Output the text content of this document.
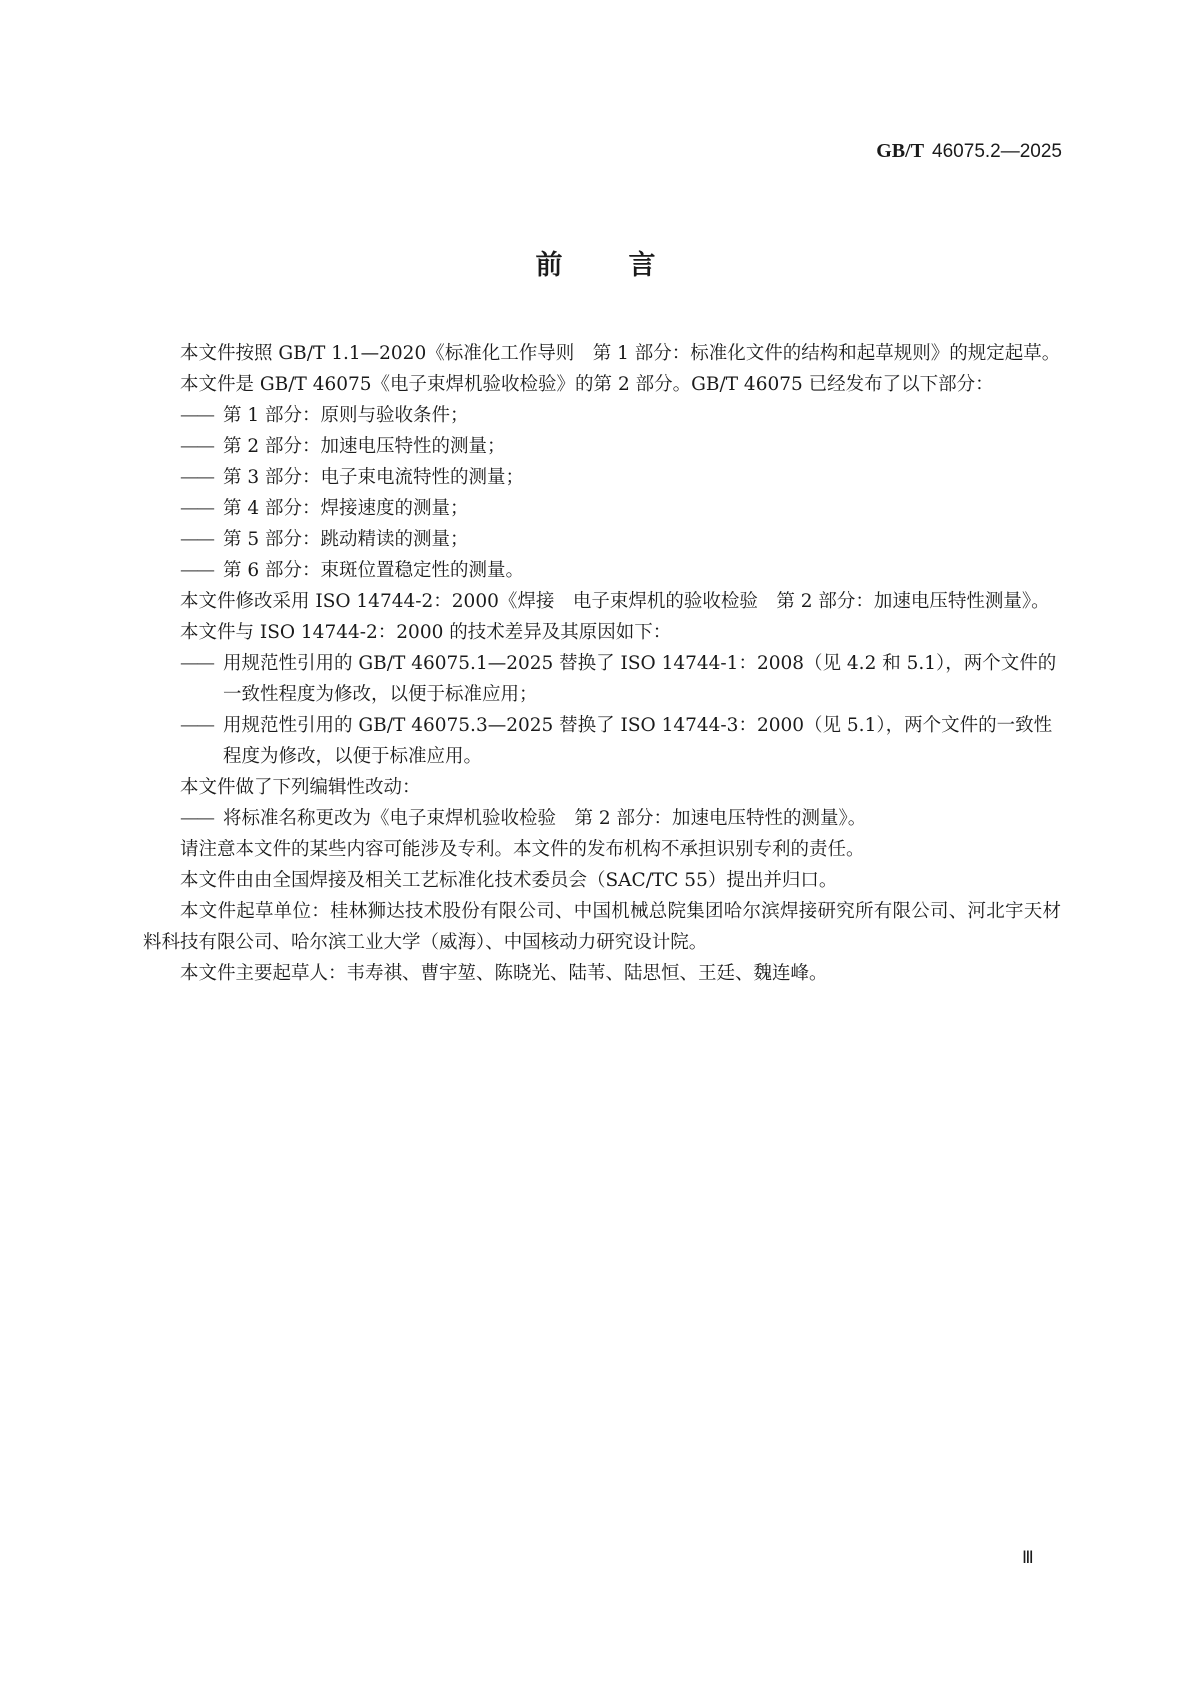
GB/T 46075.2—2025
前 言

本文件按照 GB/T 1.1—2020《标准化工作导则　第 1 部分：标准化文件的结构和起草规则》的规定起草。

本文件是 GB/T 46075《电子束焊机验收检验》的第 2 部分。GB/T 46075 已经发布了以下部分：

—— 第 1 部分：原则与验收条件；

—— 第 2 部分：加速电压特性的测量；

—— 第 3 部分：电子束电流特性的测量；

—— 第 4 部分：焊接速度的测量；

—— 第 5 部分：跳动精读的测量；

—— 第 6 部分：束斑位置稳定性的测量。

本文件修改采用 ISO 14744-2：2000《焊接　电子束焊机的验收检验　第 2 部分：加速电压特性测量》。

本文件与 ISO 14744-2：2000 的技术差异及其原因如下：

—— 用规范性引用的 GB/T 46075.1—2025 替换了 ISO 14744-1：2008（见 4.2 和 5.1），两个文件的一致性程度为修改，以便于标准应用；

—— 用规范性引用的 GB/T 46075.3—2025 替换了 ISO 14744-3：2000（见 5.1），两个文件的一致性程度为修改，以便于标准应用。

本文件做了下列编辑性改动：

—— 将标准名称更改为《电子束焊机验收检验　第 2 部分：加速电压特性的测量》。

请注意本文件的某些内容可能涉及专利。本文件的发布机构不承担识别专利的责任。

本文件由由全国焊接及相关工艺标准化技术委员会（SAC/TC 55）提出并归口。

本文件起草单位：桂林狮达技术股份有限公司、中国机械总院集团哈尔滨焊接研究所有限公司、河北宇天材料科技有限公司、哈尔滨工业大学（威海）、中国核动力研究设计院。

本文件主要起草人：韦寿祺、曹宇堃、陈晓光、陆苇、陆思恒、王廷、魏连峰。

Ⅲ
